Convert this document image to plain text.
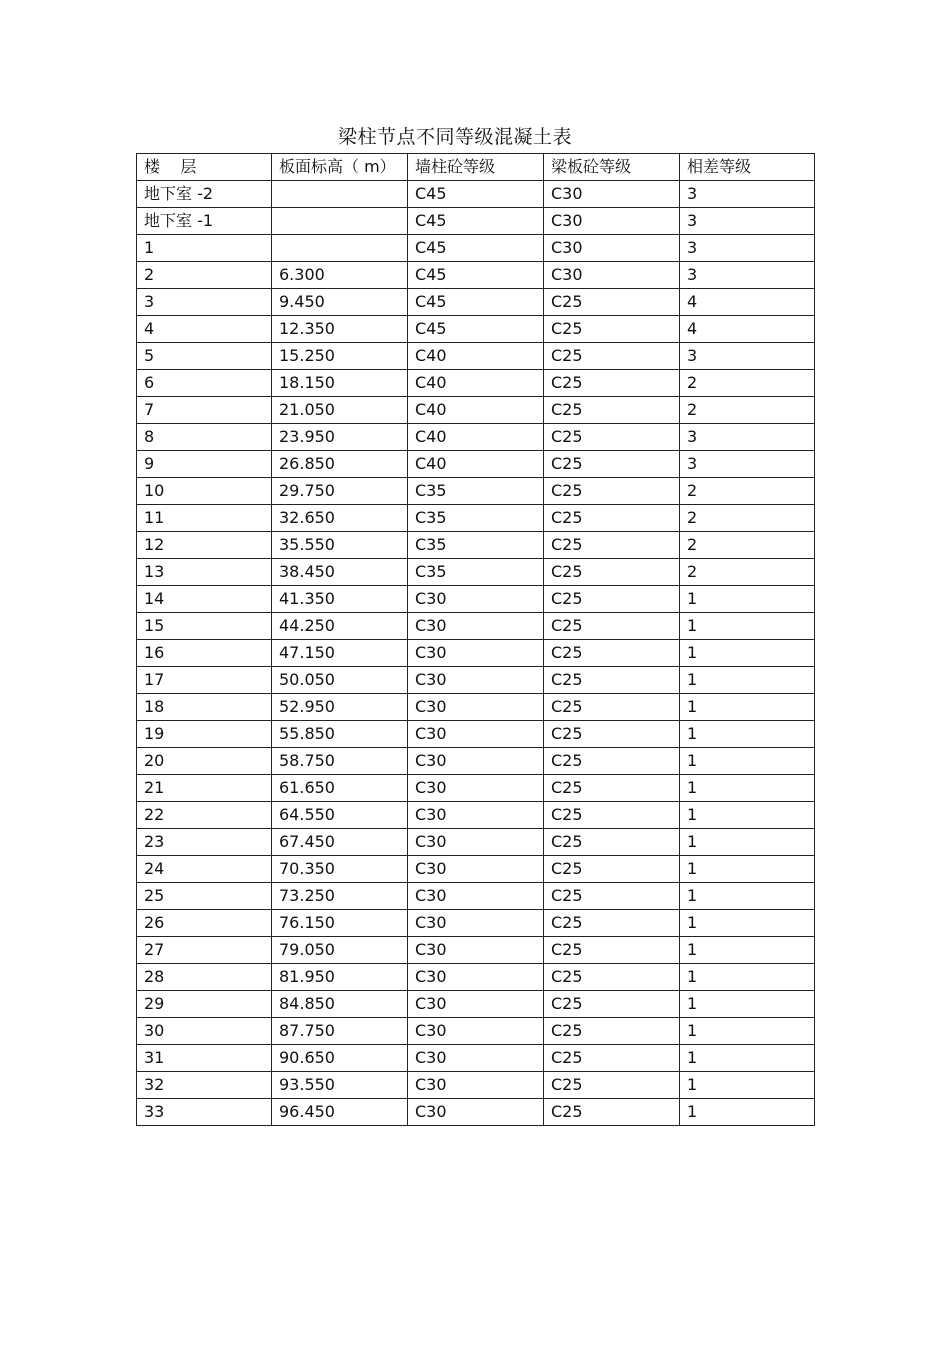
梁柱节点不同等级混凝土表
楼    层	板面标高（ m）	墙柱砼等级	梁板砼等级	相差等级
地下室 -2		C45	C30	3
地下室 -1		C45	C30	3
1		C45	C30	3
2	6.300	C45	C30	3
3	9.450	C45	C25	4
4	12.350	C45	C25	4
5	15.250	C40	C25	3
6	18.150	C40	C25	2
7	21.050	C40	C25	2
8	23.950	C40	C25	3
9	26.850	C40	C25	3
10	29.750	C35	C25	2
11	32.650	C35	C25	2
12	35.550	C35	C25	2
13	38.450	C35	C25	2
14	41.350	C30	C25	1
15	44.250	C30	C25	1
16	47.150	C30	C25	1
17	50.050	C30	C25	1
18	52.950	C30	C25	1
19	55.850	C30	C25	1
20	58.750	C30	C25	1
21	61.650	C30	C25	1
22	64.550	C30	C25	1
23	67.450	C30	C25	1
24	70.350	C30	C25	1
25	73.250	C30	C25	1
26	76.150	C30	C25	1
27	79.050	C30	C25	1
28	81.950	C30	C25	1
29	84.850	C30	C25	1
30	87.750	C30	C25	1
31	90.650	C30	C25	1
32	93.550	C30	C25	1
33	96.450	C30	C25	1
